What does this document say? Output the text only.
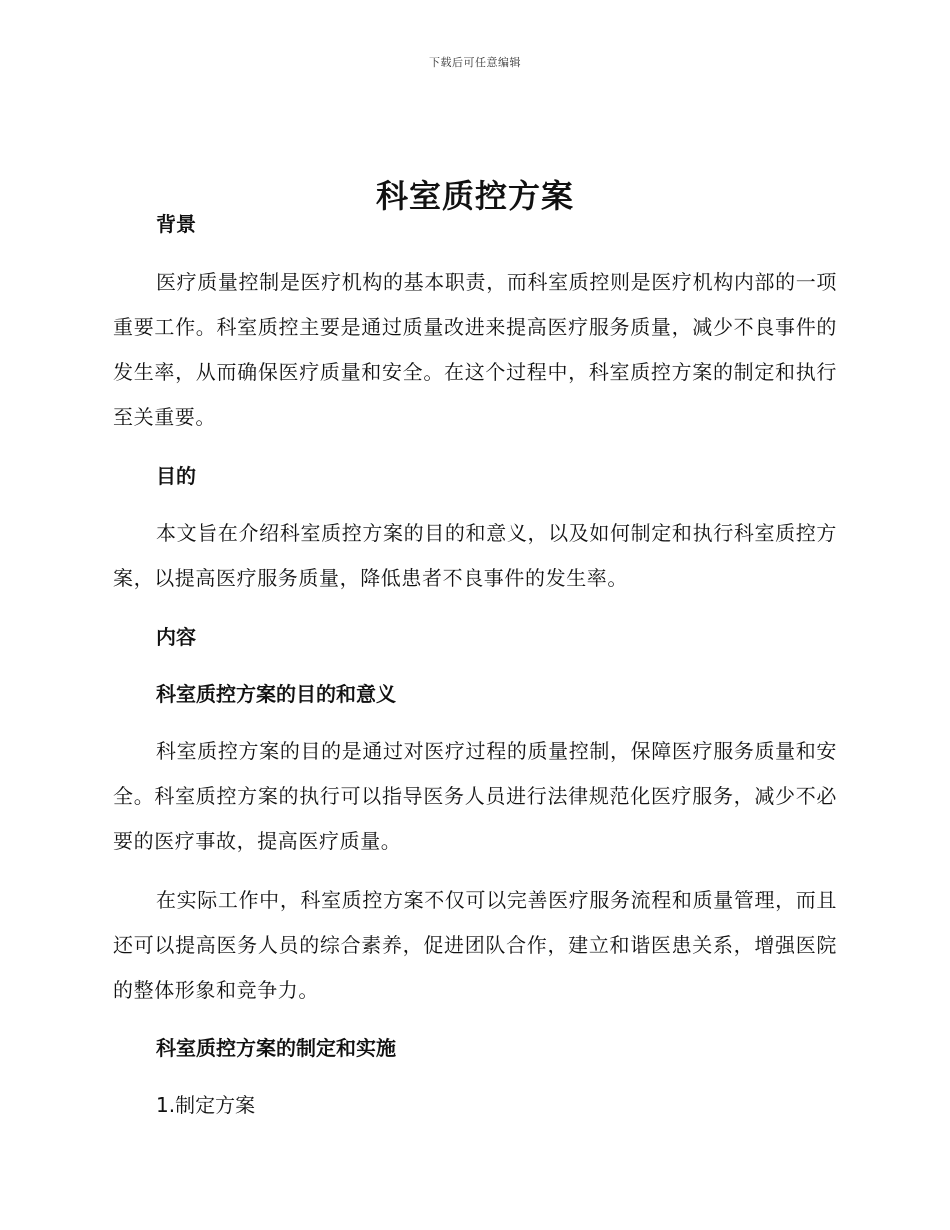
下载后可任意编辑
科室质控方案
背景

医疗质量控制是医疗机构的基本职责，而科室质控则是医疗机构内部的一项重要工作。科室质控主要是通过质量改进来提高医疗服务质量，减少不良事件的发生率，从而确保医疗质量和安全。在这个过程中，科室质控方案的制定和执行至关重要。

目的

本文旨在介绍科室质控方案的目的和意义，以及如何制定和执行科室质控方案，以提高医疗服务质量，降低患者不良事件的发生率。

内容
科室质控方案的目的和意义

科室质控方案的目的是通过对医疗过程的质量控制，保障医疗服务质量和安全。科室质控方案的执行可以指导医务人员进行法律规范化医疗服务，减少不必要的医疗事故，提高医疗质量。

在实际工作中，科室质控方案不仅可以完善医疗服务流程和质量管理，而且还可以提高医务人员的综合素养，促进团队合作，建立和谐医患关系，增强医院的整体形象和竞争力。

科室质控方案的制定和实施

1.制定方案
